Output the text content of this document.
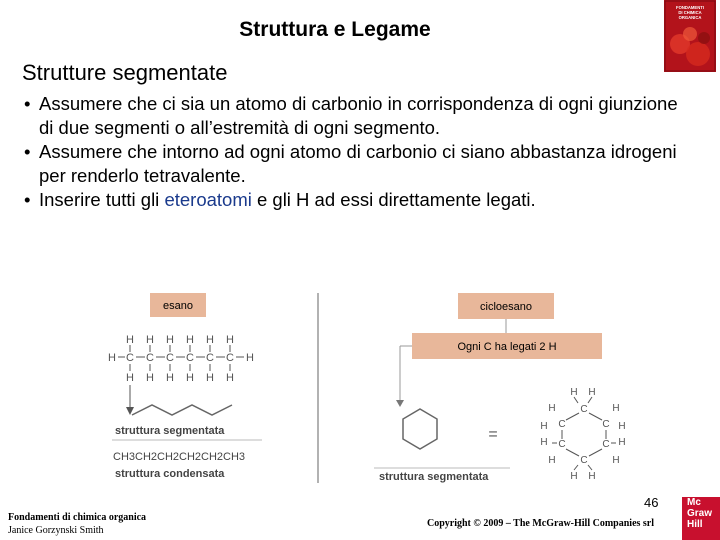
Struttura e Legame
FONDAMENTI
DI CHIMICA
ORGANICA
Strutture segmentate
• Assumere che ci sia un atomo di carbonio in corrispondenza di ogni giunzione di due segmenti o all’estremità di ogni segmento.
• Assumere che intorno ad ogni atomo di carbonio ci siano abbastanza idrogeni per renderlo tetravalente.
• Inserire tutti gli eteroatomi e gli H ad essi direttamente legati.
esano
H H H H H H
H C C C C C C H
H H H H H H
struttura segmentata
CH3CH2CH2CH2CH2CH3
struttura condensata
cicloesano
Ogni C ha legati 2 H
=
H H
C
H	H
H C	C H
H C	C H
H	H
C
H H
struttura segmentata
46
Fondamenti di chimica organica
Janice Gorzynski Smith
Copyright © 2009 – The McGraw-Hill Companies srl
Mc
Graw
Hill
